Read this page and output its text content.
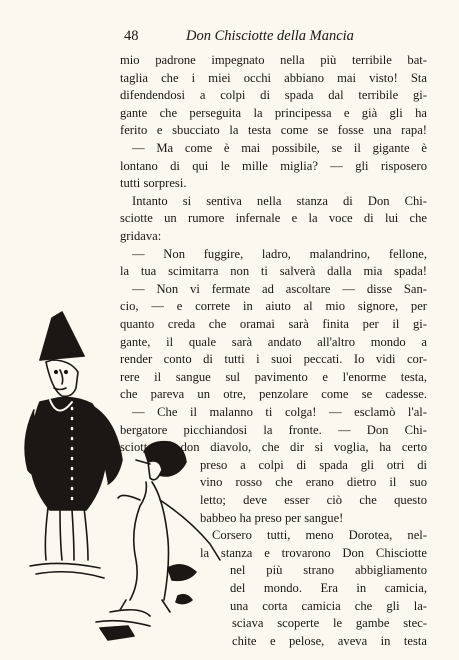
48	Don Chisciotte della Mancia
mio padrone impegnato nella più terribile bat-
taglia che i miei occhi abbiano mai visto! Sta
difendendosi a colpi di spada dal terribile gi-
gante che perseguita la principessa e già gli ha
ferito e sbucciato la testa come se fosse una rapa!
— Ma come è mai possibile, se il gigante è
lontano di qui le mille miglia? — gli risposero
tutti sorpresi.
Intanto si sentiva nella stanza di Don Chi-
sciotte un rumore infernale e la voce di lui che
gridava:
— Non fuggire, ladro, malandrino, fellone,
la tua scimitarra non ti salverà dalla mia spada!
— Non vi fermate ad ascoltare — disse San-
cio, — e correte in aiuto al mio signore, per
quanto creda che oramai sarà finita per il gi-
gante, il quale sarà andato all'altro mondo a
render conto di tutti i suoi peccati. Io vidi cor-
rere il sangue sul pavimento e l'enorme testa,
che pareva un otre, penzolare come se cadesse.
— Che il malanno ti colga! — esclamò l'al-
bergatore picchiandosi la fronte. — Don Chi-
sciotte o don diavolo, che dir si voglia, ha certo
preso a colpi di spada gli otri di
vino rosso che erano dietro il suo
letto; deve esser ciò che questo
babbeo ha preso per sangue!
Corsero tutti, meno Dorotea, nel-
la stanza e trovarono Don Chisciotte
nel più strano abbigliamento
del mondo. Era in camicia,
una corta camicia che gli la-
sciava scoperte le gambe stec-
chite e pelose, aveva in testa
